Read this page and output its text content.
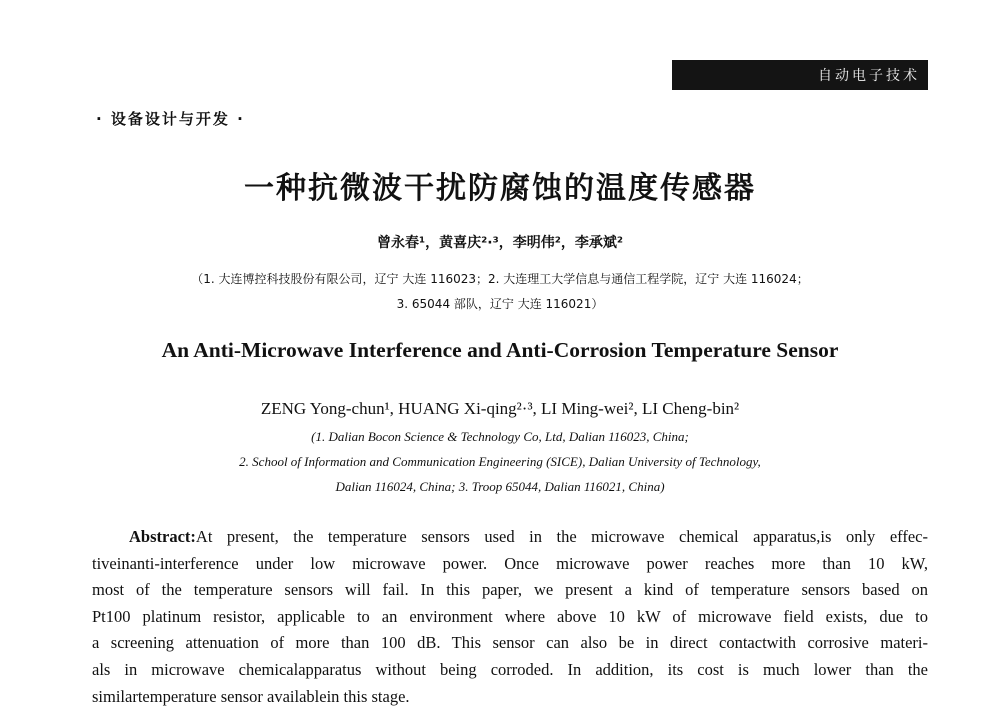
自动电子技术
· 设备设计与开发 ·
一种抗微波干扰防腐蚀的温度传感器
曾永春¹，黄喜庆²·³，李明伟²，李承斌²
（1. 大连博控科技股份有限公司，辽宁 大连 116023；2. 大连理工大学信息与通信工程学院，辽宁 大连 116024；
3. 65044 部队，辽宁 大连 116021）
An Anti-Microwave Interference and Anti-Corrosion Temperature Sensor
ZENG Yong-chun¹, HUANG Xi-qing²·³, LI Ming-wei², LI Cheng-bin²
(1. Dalian Bocon Science & Technology Co, Ltd, Dalian 116023, China;
2. School of Information and Communication Engineering (SICE), Dalian University of Technology,
Dalian 116024, China; 3. Troop 65044, Dalian 116021, China)
Abstract:At present, the temperature sensors used in the microwave chemical apparatus,is only effec-
tiveinanti-interference under low microwave power. Once microwave power reaches more than 10 kW,
most of the temperature sensors will fail. In this paper, we present a kind of temperature sensors based on
Pt100 platinum resistor, applicable to an environment where above 10 kW of microwave field exists, due to
a screening attenuation of more than 100 dB. This sensor can also be in direct contactwith corrosive materi-
als in microwave chemicalapparatus without being corroded. In addition, its cost is much lower than the
similartemperature sensor availablein this stage.
